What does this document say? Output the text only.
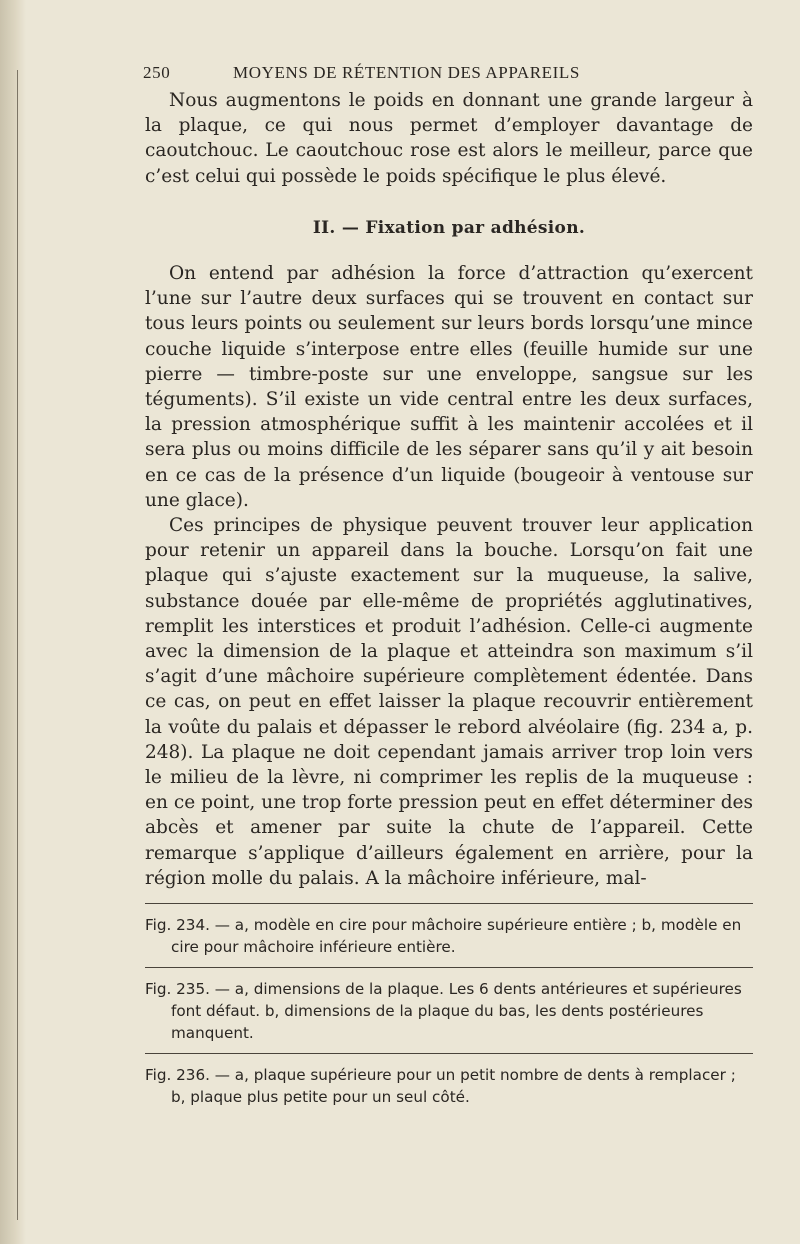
250	MOYENS DE RÉTENTION DES APPAREILS

Nous augmentons le poids en donnant une grande largeur à la plaque, ce qui nous permet d’employer davantage de caoutchouc. Le caoutchouc rose est alors le meilleur, parce que c’est celui qui possède le poids spécifique le plus élevé.

II. — Fixation par adhésion.

On entend par adhésion la force d’attraction qu’exercent l’une sur l’autre deux surfaces qui se trouvent en contact sur tous leurs points ou seulement sur leurs bords lorsqu’une mince couche liquide s’interpose entre elles (feuille humide sur une pierre — timbre-poste sur une enveloppe, sangsue sur les téguments). S’il existe un vide central entre les deux surfaces, la pression atmosphérique suffit à les maintenir accolées et il sera plus ou moins difficile de les séparer sans qu’il y ait besoin en ce cas de la présence d’un liquide (bougeoir à ventouse sur une glace).

Ces principes de physique peuvent trouver leur application pour retenir un appareil dans la bouche. Lorsqu’on fait une plaque qui s’ajuste exactement sur la muqueuse, la salive, substance douée par elle-même de propriétés agglutinatives, remplit les interstices et produit l’adhésion. Celle-ci augmente avec la dimension de la plaque et atteindra son maximum s’il s’agit d’une mâchoire supérieure complètement édentée. Dans ce cas, on peut en effet laisser la plaque recouvrir entièrement la voûte du palais et dépasser le rebord alvéolaire (fig. 234 a, p. 248). La plaque ne doit cependant jamais arriver trop loin vers le milieu de la lèvre, ni comprimer les replis de la muqueuse : en ce point, une trop forte pression peut en effet déterminer des abcès et amener par suite la chute de l’appareil. Cette remarque s’applique d’ailleurs également en arrière, pour la région molle du palais. A la mâchoire inférieure, mal-

Fig. 234. — a, modèle en cire pour mâchoire supérieure entière ; b, modèle en cire pour mâchoire inférieure entière.

Fig. 235. — a, dimensions de la plaque. Les 6 dents antérieures et supérieures font défaut. b, dimensions de la plaque du bas, les dents postérieures manquent.

Fig. 236. — a, plaque supérieure pour un petit nombre de dents à remplacer ; b, plaque plus petite pour un seul côté.
